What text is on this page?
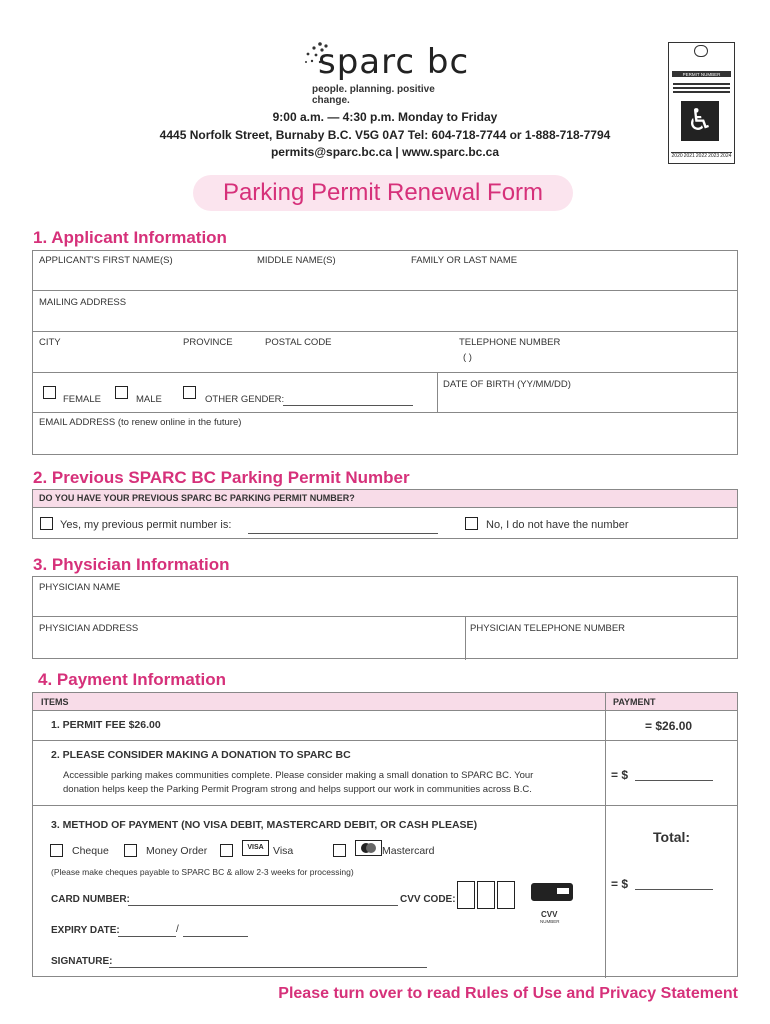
sparc bc
people. planning. positive change.
9:00 a.m. — 4:30 p.m. Monday to Friday
4445 Norfolk Street, Burnaby B.C. V5G 0A7 Tel: 604-718-7744 or 1-888-718-7794
permits@sparc.bc.ca | www.sparc.bc.ca
PERMIT NUMBER
♿
2020 2021 2022 2023 2024
Parking Permit Renewal Form
1. Applicant Information
APPLICANT'S FIRST NAME(S)	MIDDLE NAME(S)	FAMILY OR LAST NAME
MAILING ADDRESS
CITY	PROVINCE	POSTAL CODE	TELEPHONE NUMBER
( )
FEMALE	MALE	OTHER GENDER:
DATE OF BIRTH (YY/MM/DD)
EMAIL ADDRESS (to renew online in the future)
2. Previous SPARC BC Parking Permit Number
DO YOU HAVE YOUR PREVIOUS SPARC BC PARKING PERMIT NUMBER?
Yes, my previous permit number is:	No, I do not have the number
3. Physician Information
PHYSICIAN NAME
PHYSICIAN ADDRESS	PHYSICIAN TELEPHONE NUMBER
4. Payment Information
ITEMS	PAYMENT
1. PERMIT FEE $26.00	= $26.00
2. PLEASE CONSIDER MAKING A DONATION TO SPARC BC
Accessible parking makes communities complete. Please consider making a small donation to SPARC BC. Your
donation helps keep the Parking Permit Program strong and helps support our work in communities across B.C.
= $
3. METHOD OF PAYMENT (NO VISA DEBIT, MASTERCARD DEBIT, OR CASH PLEASE)
Cheque	Money Order	VISA Visa	Mastercard
(Please make cheques payable to SPARC BC & allow 2-3 weeks for processing)
CARD NUMBER:	CVV CODE:
CVV
NUMBER
EXPIRY DATE:	/
SIGNATURE:
Total:
= $
Please turn over to read Rules of Use and Privacy Statement
